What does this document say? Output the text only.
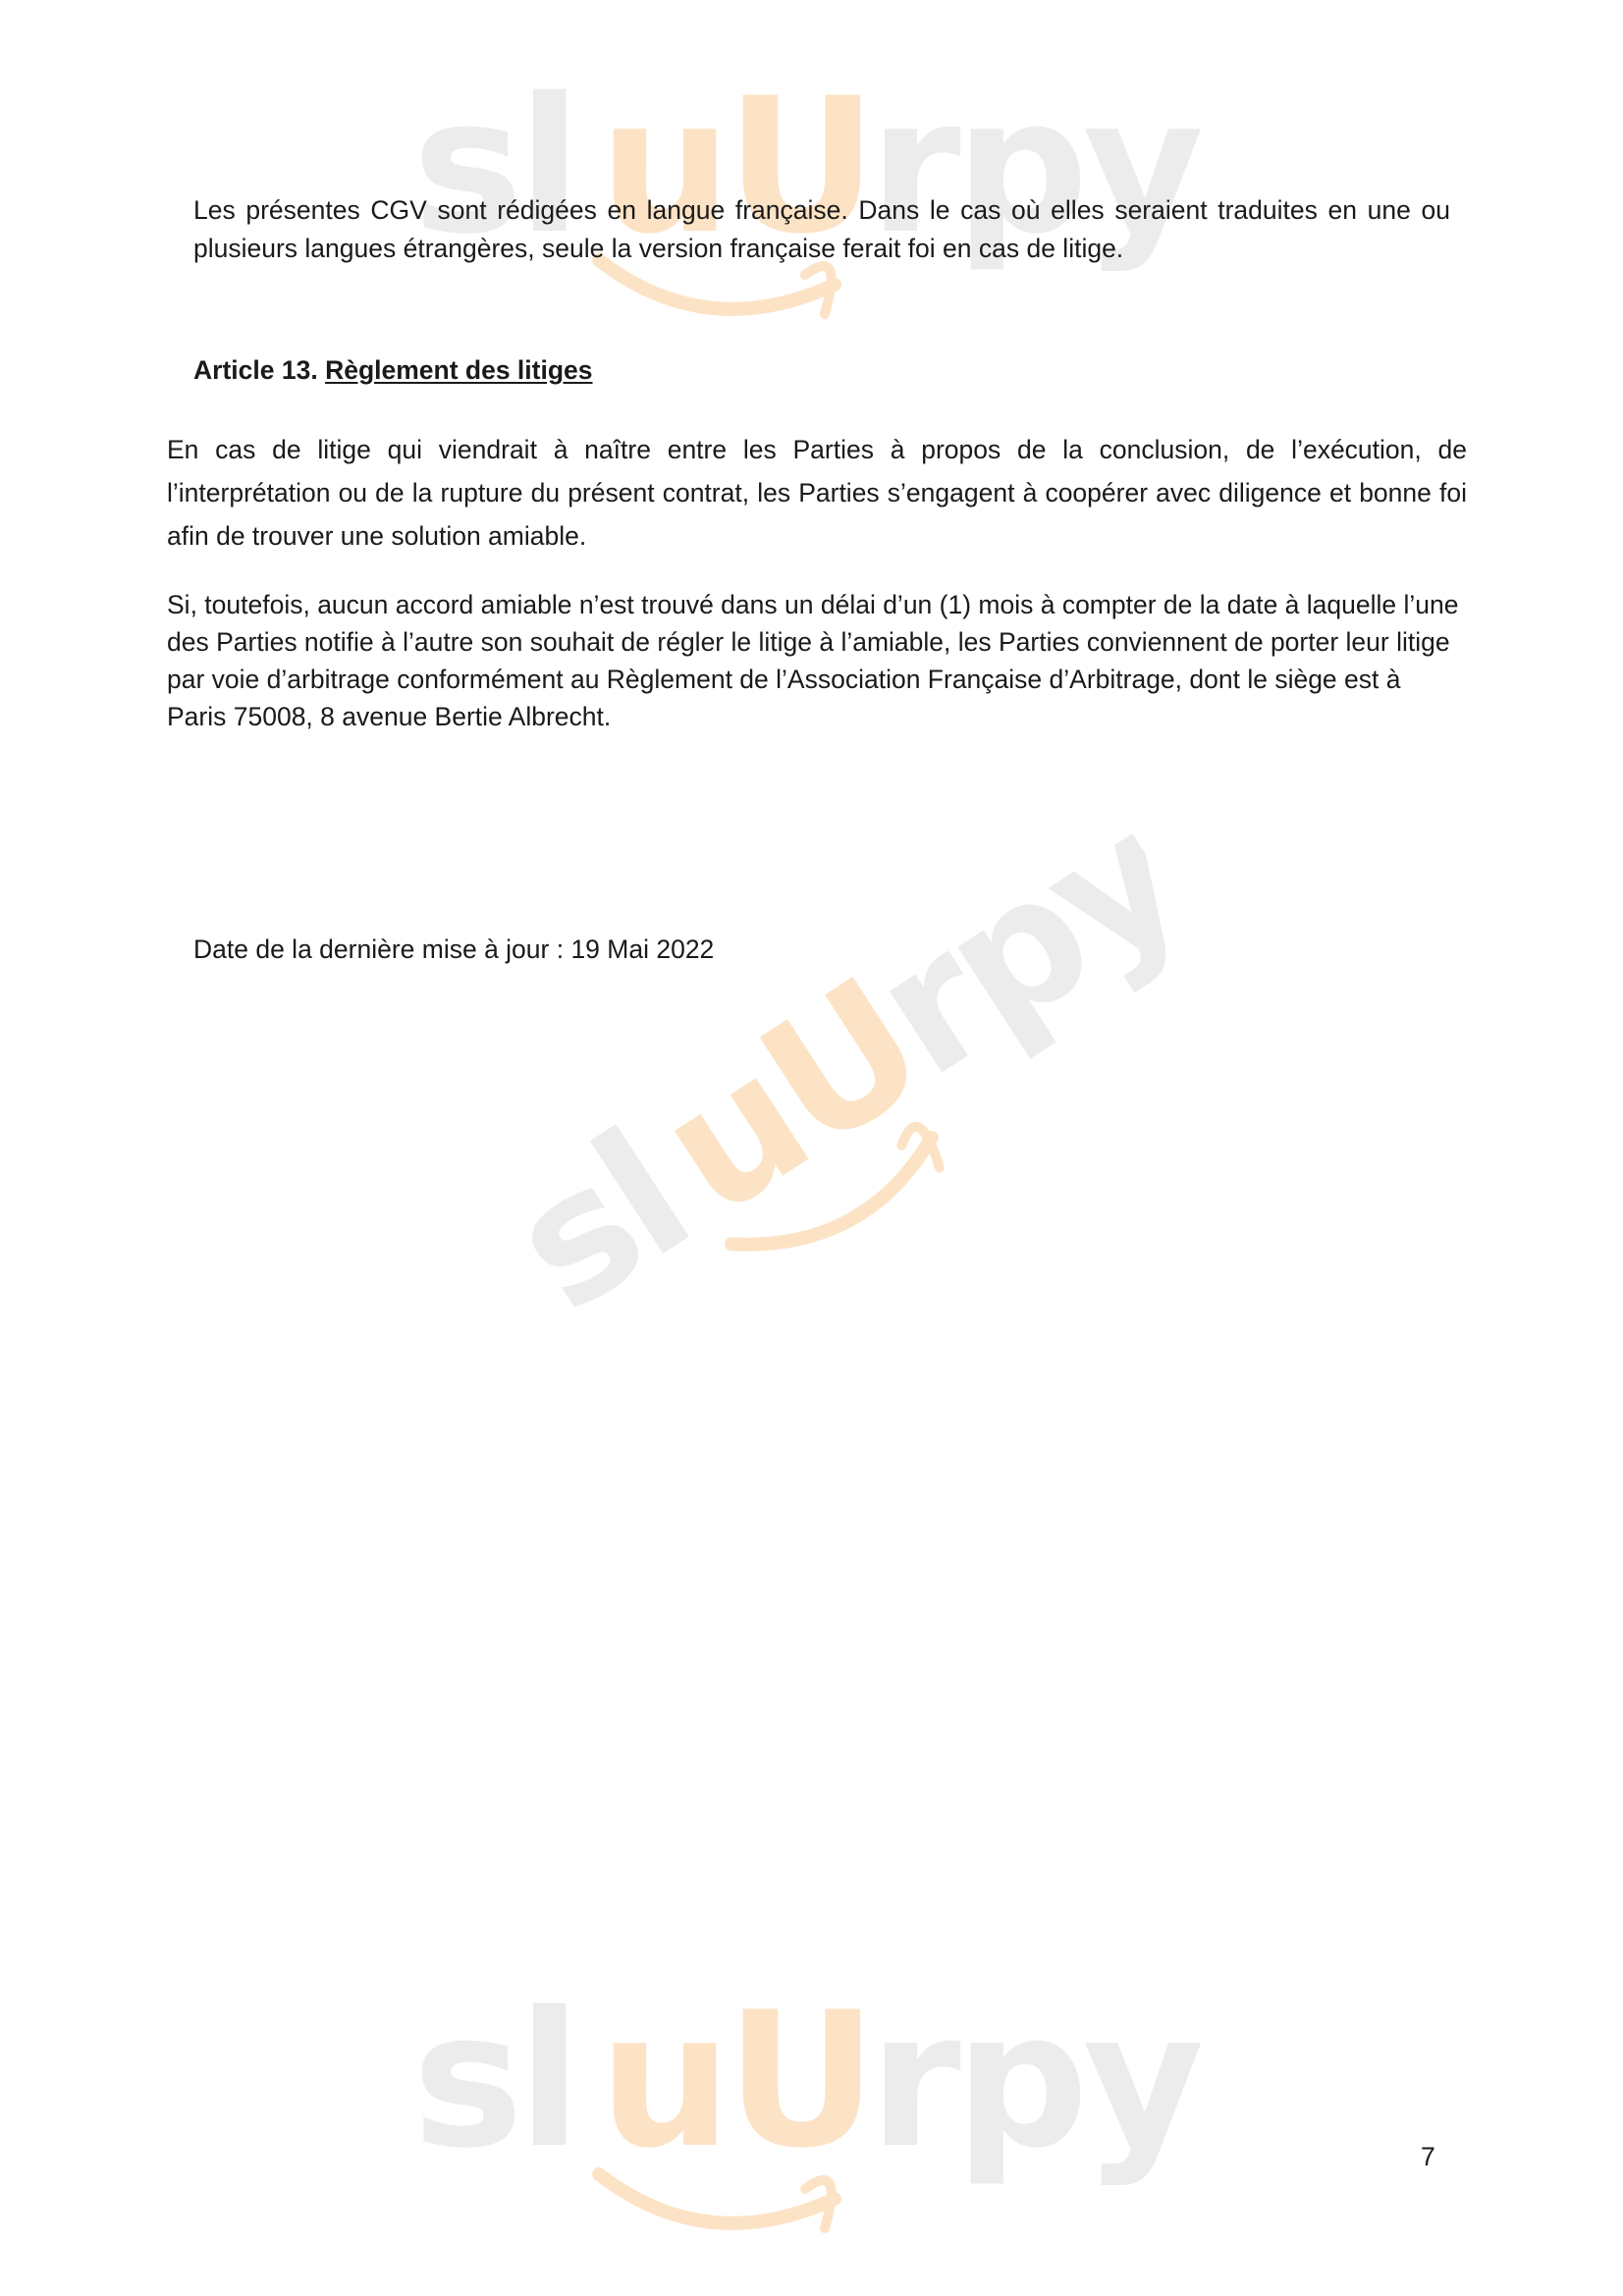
sl uU
rpy
sl
uU
rpy
sl uU
rpy

Les présentes CGV sont rédigées en langue française. Dans le cas où elles seraient traduites en une ou plusieurs langues étrangères, seule la version française ferait foi en cas de litige.

Article 13. Règlement des litiges

En cas de litige qui viendrait à naître entre les Parties à propos de la conclusion, de l’exécution, de l’interprétation ou de la rupture du présent contrat, les Parties s’engagent à coopérer avec diligence et bonne foi afin de trouver une solution amiable.

Si, toutefois, aucun accord amiable n’est trouvé dans un délai d’un (1) mois à compter de la date à laquelle l’une des Parties notifie à l’autre son souhait de régler le litige à l’amiable, les Parties conviennent de porter leur litige par voie d’arbitrage conformément au Règlement de l’Association Française d’Arbitrage, dont le siège est à Paris 75008, 8 avenue Bertie Albrecht.

Date de la dernière mise à jour : 19 Mai 2022

7
